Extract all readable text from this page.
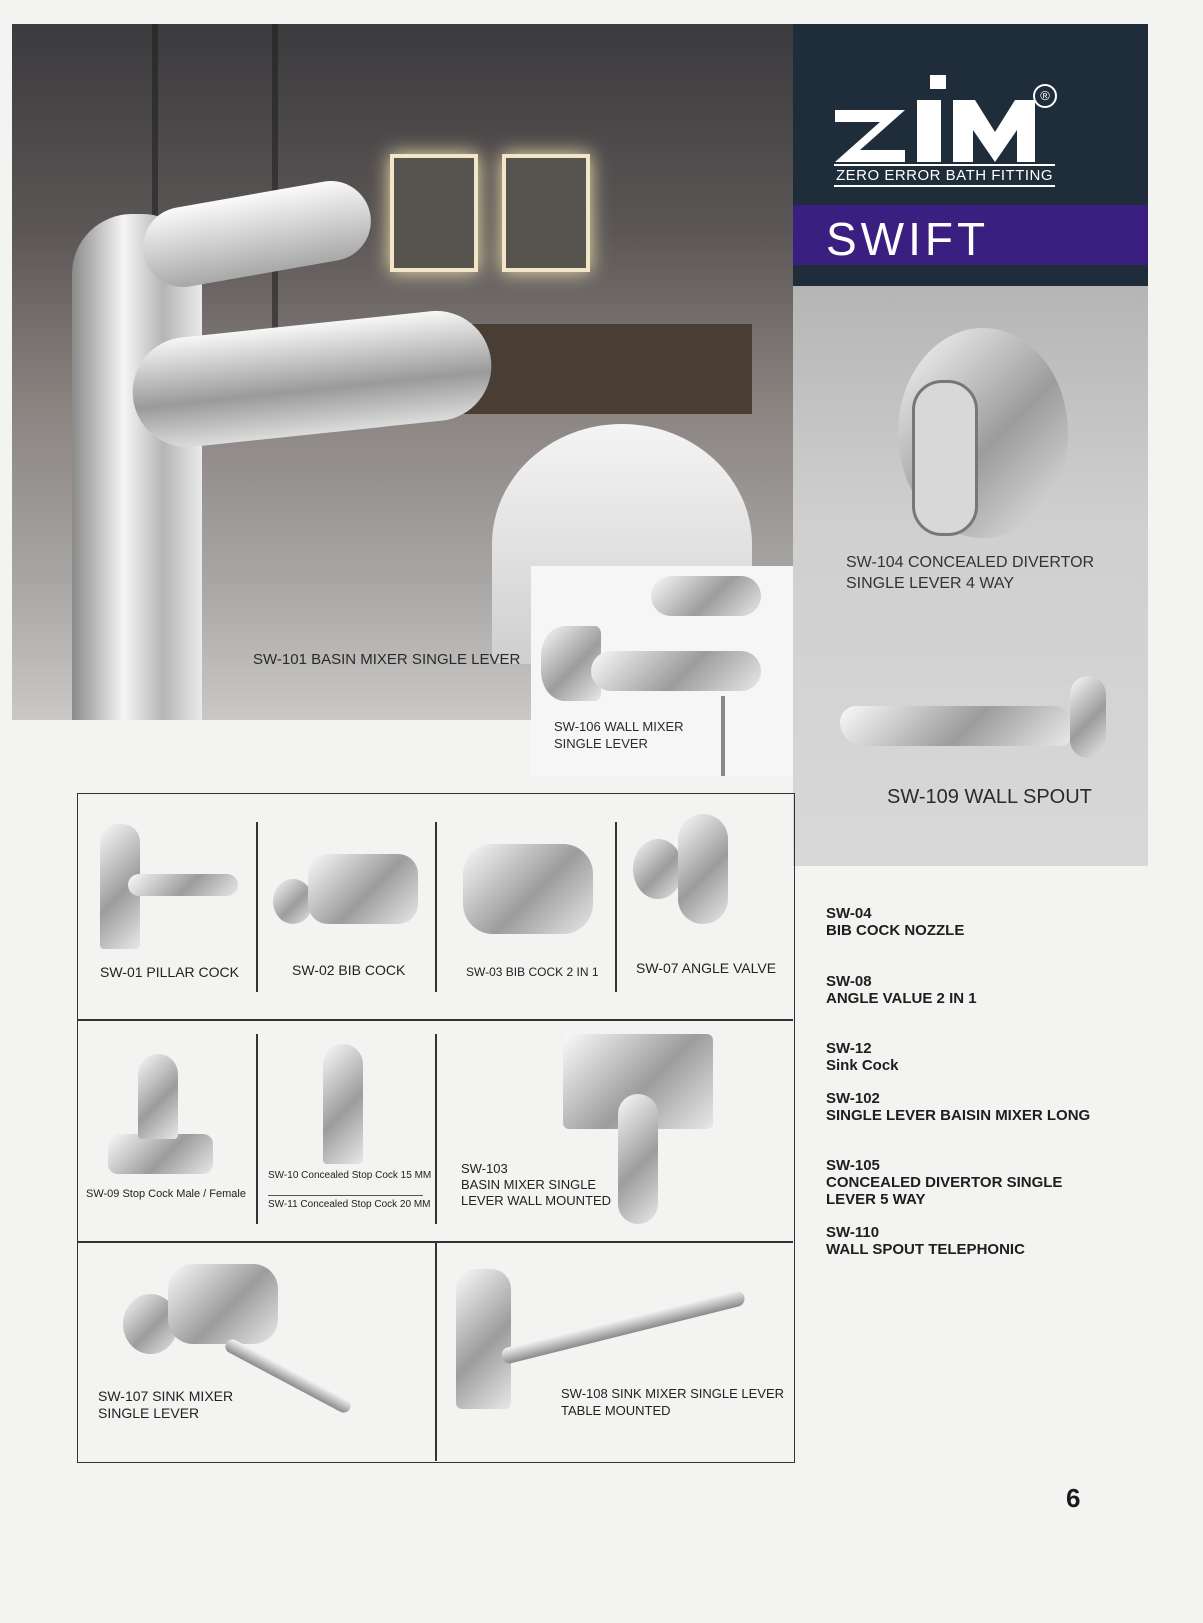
SW-101 BASIN MIXER SINGLE LEVER
SW-106 WALL MIXER
SINGLE LEVER
®
ZERO ERROR BATH FITTING
SWIFT
SW-104 CONCEALED DIVERTOR
SINGLE LEVER 4 WAY
SW-109 WALL SPOUT
SW-01 PILLAR COCK	SW-02 BIB COCK	SW-03 BIB COCK 2 IN 1	SW-07 ANGLE VALVE
SW-09 Stop Cock Male / Female
SW-10 Concealed Stop Cock 15 MM
SW-11 Concealed Stop Cock 20 MM
SW-103
BASIN MIXER SINGLE
LEVER WALL MOUNTED
SW-107 SINK MIXER
SINGLE LEVER
SW-108 SINK MIXER SINGLE LEVER
TABLE MOUNTED
SW-04
BIB COCK NOZZLE
SW-08
ANGLE VALUE 2 IN 1
SW-12
Sink Cock
SW-102
SINGLE LEVER BAISIN MIXER LONG
SW-105
CONCEALED DIVERTOR SINGLE
LEVER 5 WAY
SW-110
WALL SPOUT TELEPHONIC
6
